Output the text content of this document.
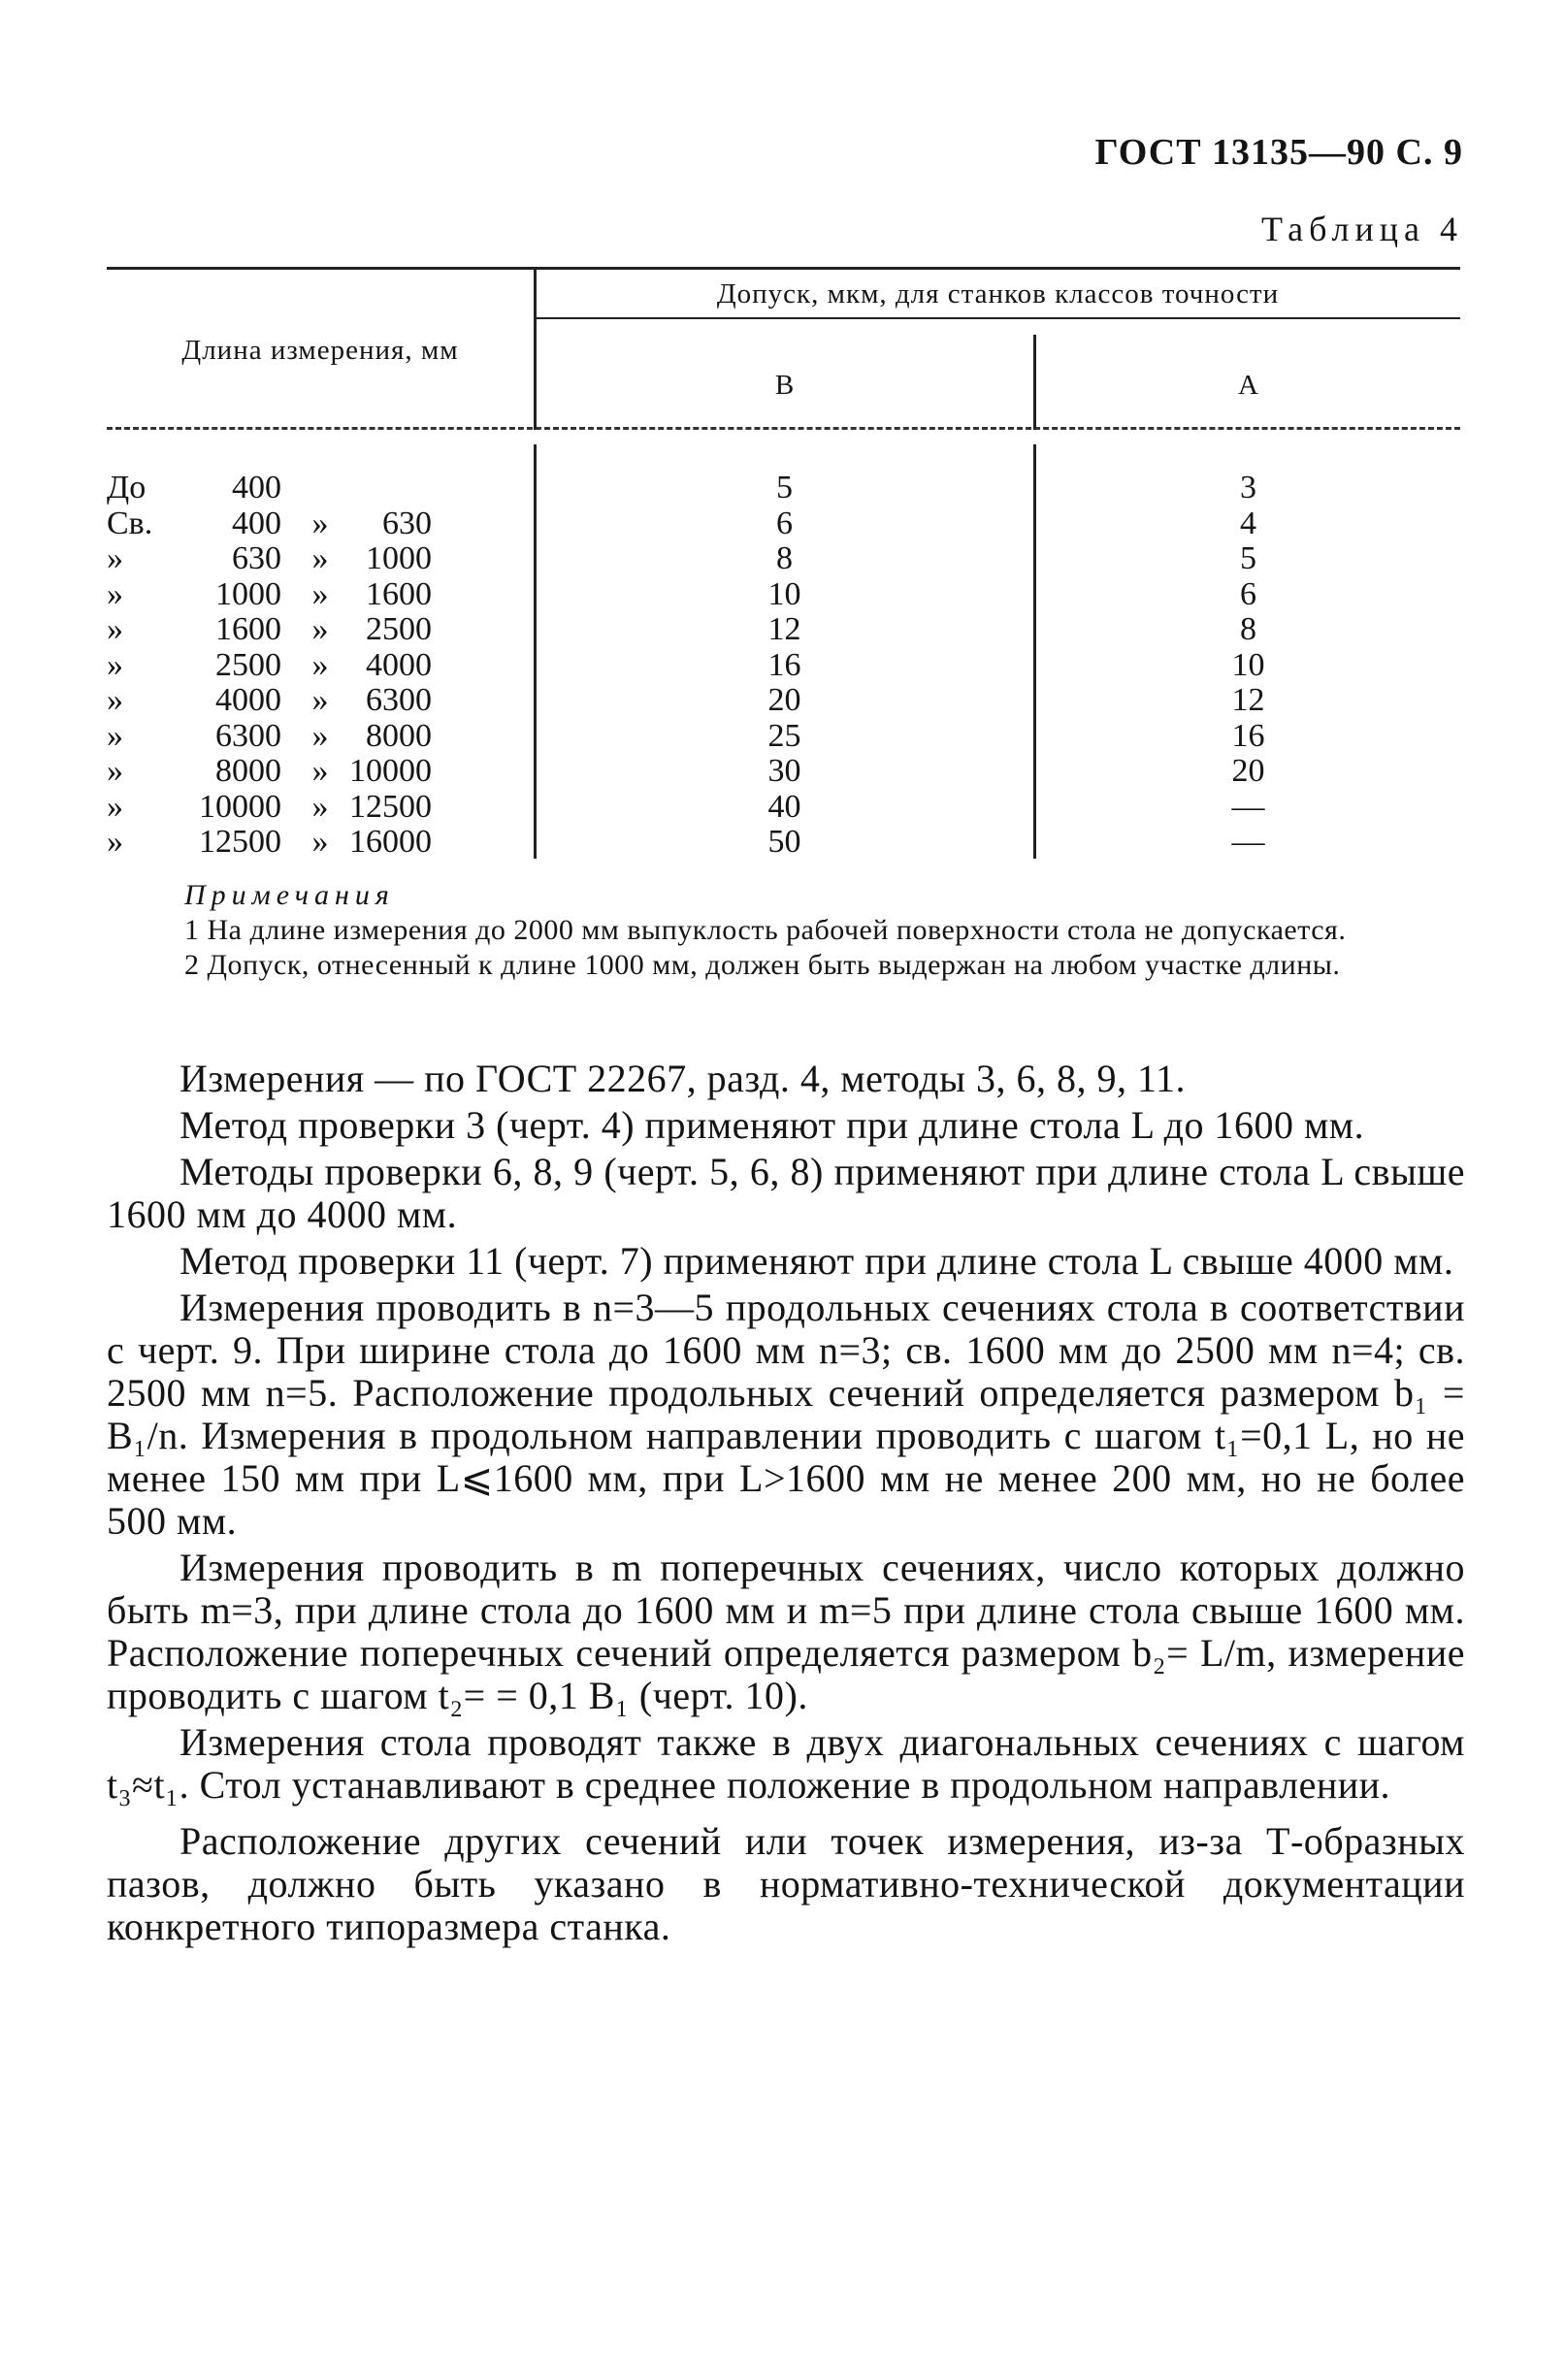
ГОСТ 13135—90 С. 9
Таблица 4
Длина измерения, мм
Допуск, мкм, для станков классов точности
В	А
До	400	5	3
Св.	400 »	630	6	4
»	630 »	1000	8	5
»	1000 »	1600	10	6
»	1600 »	2500	12	8
»	2500 »	4000	16	10
»	4000 »	6300	20	12
»	6300 »	8000	25	16
»	8000 » 10000	30	20
»	10000 » 12500	40	—
»	12500 » 16000	50	—
Примечания
1 На длине измерения до 2000 мм выпуклость рабочей поверхности стола не допускается.
2 Допуск, отнесенный к длине 1000 мм, должен быть выдержан на любом участке длины.

Измерения — по ГОСТ 22267, разд. 4, методы 3, 6, 8, 9, 11.

Метод проверки 3 (черт. 4) применяют при длине стола L до 1600 мм.

Методы проверки 6, 8, 9 (черт. 5, 6, 8) применяют при длине стола L свыше 1600 мм до 4000 мм.

Метод проверки 11 (черт. 7) применяют при длине стола L свыше 4000 мм.

Измерения проводить в n=3—5 продольных сечениях стола в соответствии с черт. 9. При ширине стола до 1600 мм n=3; св. 1600 мм до 2500 мм n=4; св. 2500 мм n=5. Расположение продольных сечений определяется размером b₁ = B₁/n. Измерения в продольном направлении проводить с шагом t₁=0,1 L, но не менее 150 мм при L⩽1600 мм, при L>1600 мм не менее 200 мм, но не более 500 мм.

Измерения проводить в m поперечных сечениях, число которых должно быть m=3, при длине стола до 1600 мм и m=5 при длине стола свыше 1600 мм. Расположение поперечных сечений определяется размером b₂= L/m, измерение проводить с шагом t₂= = 0,1 B₁ (черт. 10).

Измерения стола проводят также в двух диагональных сечениях с шагом t₃≈t₁. Стол устанавливают в среднее положение в продольном направлении.

Расположение других сечений или точек измерения, из-за Т-образных пазов, должно быть указано в нормативно-технической документации конкретного типоразмера станка.
